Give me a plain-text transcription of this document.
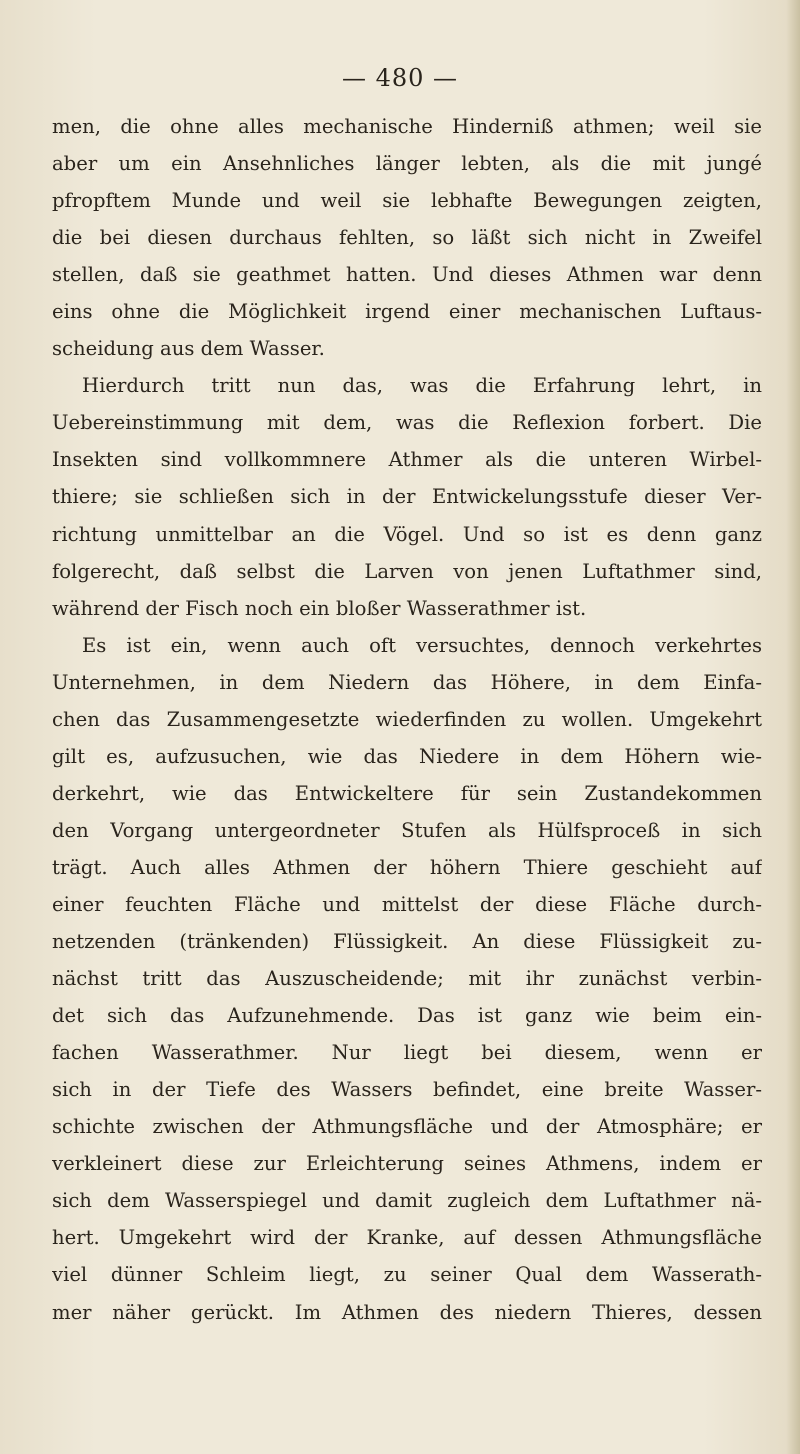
— 480 —
men, die ohne alles mechanische Hinderniß athmen; weil sie
aber um ein Ansehnliches länger lebten, als die mit jungé
pfropftem Munde und weil sie lebhafte Bewegungen zeigten,
die bei diesen durchaus fehlten, so läßt sich nicht in Zweifel
stellen, daß sie geathmet hatten. Und dieses Athmen war denn
eins ohne die Möglichkeit irgend einer mechanischen Luftaus-
scheidung aus dem Wasser.
Hierdurch tritt nun das, was die Erfahrung lehrt, in
Uebereinstimmung mit dem, was die Reflexion forbert. Die
Insekten sind vollkommnere Athmer als die unteren Wirbel-
thiere; sie schließen sich in der Entwickelungsstufe dieser Ver-
richtung unmittelbar an die Vögel. Und so ist es denn ganz
folgerecht, daß selbst die Larven von jenen Luftathmer sind,
während der Fisch noch ein bloßer Wasserathmer ist.
Es ist ein, wenn auch oft versuchtes, dennoch verkehrtes
Unternehmen, in dem Niedern das Höhere, in dem Einfa-
chen das Zusammengesetzte wiederfinden zu wollen. Umgekehrt
gilt es, aufzusuchen, wie das Niedere in dem Höhern wie-
derkehrt, wie das Entwickeltere für sein Zustandekommen
den Vorgang untergeordneter Stufen als Hülfsproceß in sich
trägt. Auch alles Athmen der höhern Thiere geschieht auf
einer feuchten Fläche und mittelst der diese Fläche durch-
netzenden (tränkenden) Flüssigkeit. An diese Flüssigkeit zu-
nächst tritt das Auszuscheidende; mit ihr zunächst verbin-
det sich das Aufzunehmende. Das ist ganz wie beim ein-
fachen Wasserathmer. Nur liegt bei diesem, wenn er
sich in der Tiefe des Wassers befindet, eine breite Wasser-
schichte zwischen der Athmungsfläche und der Atmosphäre; er
verkleinert diese zur Erleichterung seines Athmens, indem er
sich dem Wasserspiegel und damit zugleich dem Luftathmer nä-
hert. Umgekehrt wird der Kranke, auf dessen Athmungsfläche
viel dünner Schleim liegt, zu seiner Qual dem Wasserath-
mer näher gerückt. Im Athmen des niedern Thieres, dessen
